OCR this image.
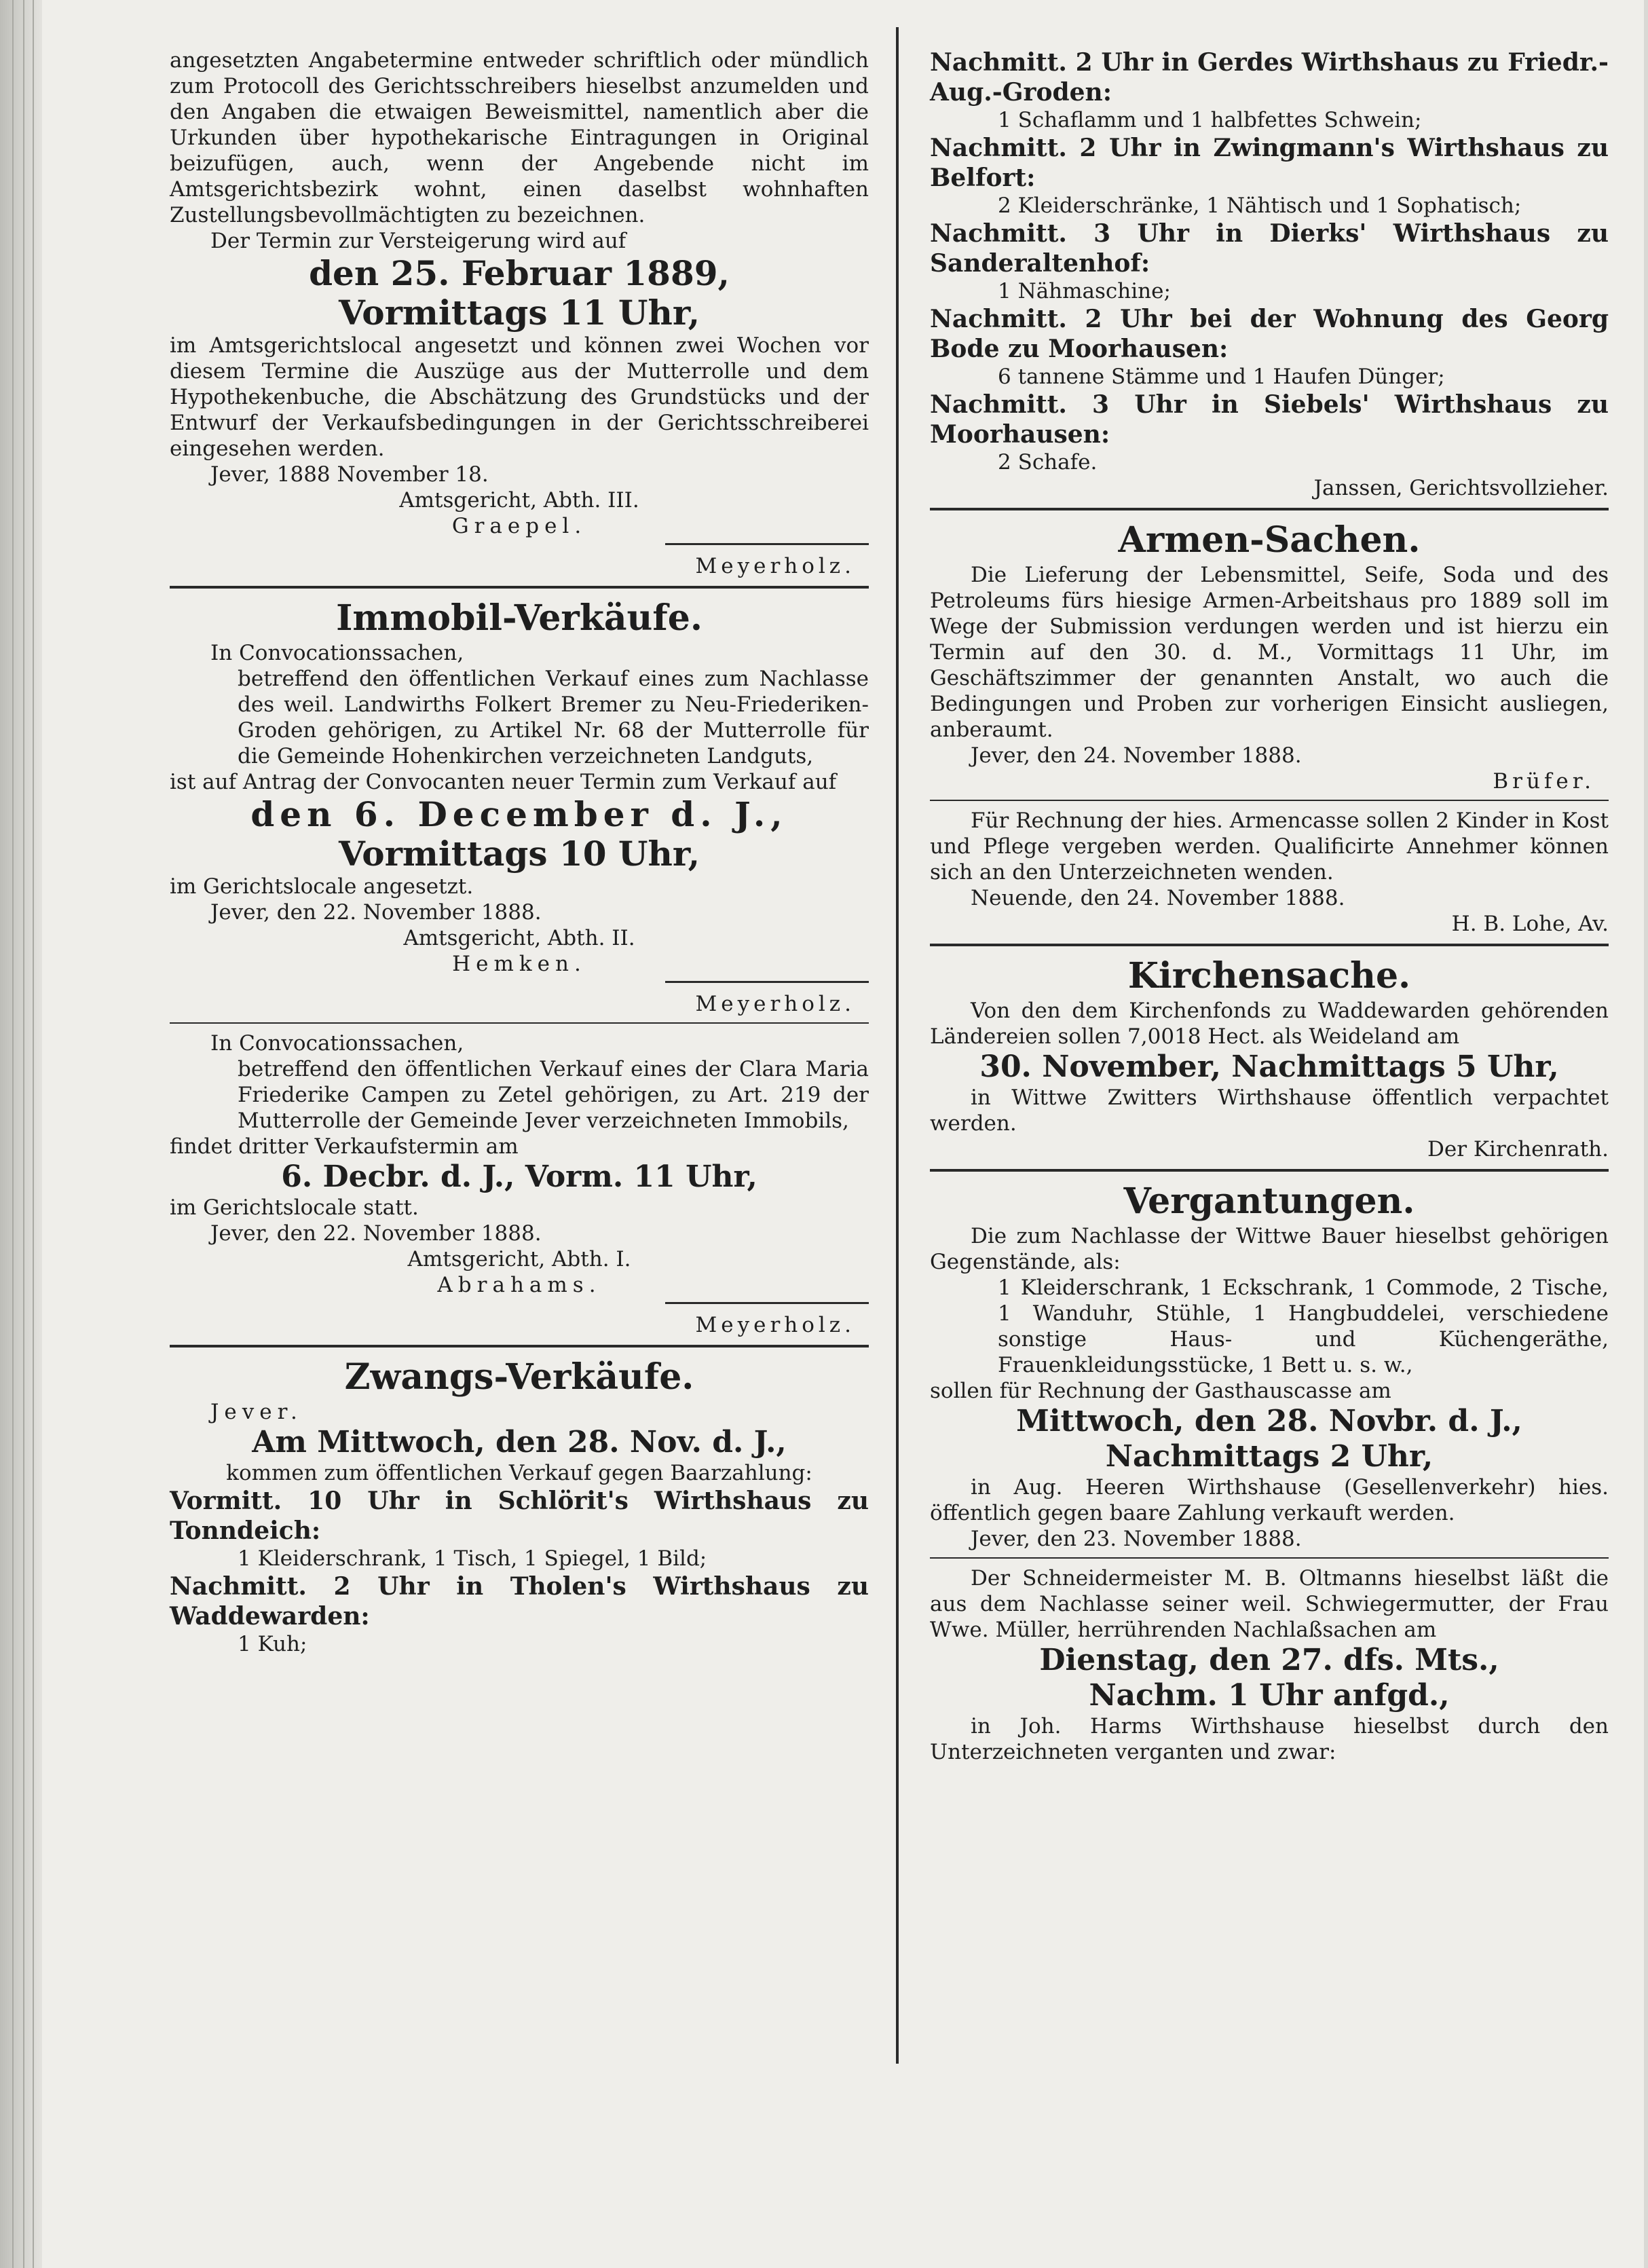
angesetzten Angabetermine entweder schriftlich oder mündlich zum Protocoll des Gerichtsschreibers hieselbst anzumelden und den Angaben die etwaigen Beweismittel, namentlich aber die Urkunden über hypothekarische Eintragungen in Original beizufügen, auch, wenn der Angebende nicht im Amtsgerichtsbezirk wohnt, einen daselbst wohnhaften Zustellungsbevollmächtigten zu bezeichnen.

Der Termin zur Versteigerung wird auf

den 25. Februar 1889,
Vormittags 11 Uhr,

im Amtsgerichtslocal angesetzt und können zwei Wochen vor diesem Termine die Auszüge aus der Mutterrolle und dem Hypothekenbuche, die Abschätzung des Grundstücks und der Entwurf der Verkaufsbedingungen in der Gerichtsschreiberei eingesehen werden.

Jever, 1888 November 18.

Amtsgericht, Abth. III.

Graepel.

Meyerholz.

Immobil-Verkäufe.

In Convocationssachen,

betreffend den öffentlichen Verkauf eines zum Nachlasse des weil. Landwirths Folkert Bremer zu Neu-Friederiken-Groden gehörigen, zu Artikel Nr. 68 der Mutterrolle für die Gemeinde Hohenkirchen verzeichneten Landguts,

ist auf Antrag der Convocanten neuer Termin zum Verkauf auf

den 6. December d. J.,
Vormittags 10 Uhr,

im Gerichtslocale angesetzt.

Jever, den 22. November 1888.

Amtsgericht, Abth. II.

Hemken.

Meyerholz.

In Convocationssachen,

betreffend den öffentlichen Verkauf eines der Clara Maria Friederike Campen zu Zetel gehörigen, zu Art. 219 der Mutterrolle der Gemeinde Jever verzeichneten Immobils,

findet dritter Verkaufstermin am

6. Decbr. d. J., Vorm. 11 Uhr,

im Gerichtslocale statt.

Jever, den 22. November 1888.

Amtsgericht, Abth. I.

Abrahams.

Meyerholz.

Zwangs-Verkäufe.

Jever.

Am Mittwoch, den 28. Nov. d. J.,

kommen zum öffentlichen Verkauf gegen Baarzahlung:

Vormitt. 10 Uhr in Schlörit's Wirthshaus zu Tonndeich:

1 Kleiderschrank, 1 Tisch, 1 Spiegel, 1 Bild;

Nachmitt. 2 Uhr in Tholen's Wirthshaus zu Waddewarden:

1 Kuh;

Nachmitt. 2 Uhr in Gerdes Wirthshaus zu Friedr.-Aug.-Groden:

1 Schaflamm und 1 halbfettes Schwein;

Nachmitt. 2 Uhr in Zwingmann's Wirthshaus zu Belfort:

2 Kleiderschränke, 1 Nähtisch und 1 Sophatisch;

Nachmitt. 3 Uhr in Dierks' Wirthshaus zu Sanderaltenhof:

1 Nähmaschine;

Nachmitt. 2 Uhr bei der Wohnung des Georg Bode zu Moorhausen:

6 tannene Stämme und 1 Haufen Dünger;

Nachmitt. 3 Uhr in Siebels' Wirthshaus zu Moorhausen:

2 Schafe.

Janssen, Gerichtsvollzieher.

Armen-Sachen.

Die Lieferung der Lebensmittel, Seife, Soda und des Petroleums fürs hiesige Armen-Arbeitshaus pro 1889 soll im Wege der Submission verdungen werden und ist hierzu ein Termin auf den 30. d. M., Vormittags 11 Uhr, im Geschäftszimmer der genannten Anstalt, wo auch die Bedingungen und Proben zur vorherigen Einsicht ausliegen, anberaumt.

Jever, den 24. November 1888.

Brüfer.

Für Rechnung der hies. Armencasse sollen 2 Kinder in Kost und Pflege vergeben werden. Qualificirte Annehmer können sich an den Unterzeichneten wenden.

Neuende, den 24. November 1888.

H. B. Lohe, Av.

Kirchensache.

Von den dem Kirchenfonds zu Waddewarden gehörenden Ländereien sollen 7,0018 Hect. als Weideland am

30. November, Nachmittags 5 Uhr,

in Wittwe Zwitters Wirthshause öffentlich verpachtet werden.

Der Kirchenrath.

Vergantungen.

Die zum Nachlasse der Wittwe Bauer hieselbst gehörigen Gegenstände, als:

1 Kleiderschrank, 1 Eckschrank, 1 Commode, 2 Tische, 1 Wanduhr, Stühle, 1 Hangbuddelei, verschiedene sonstige Haus- und Küchengeräthe, Frauenkleidungsstücke, 1 Bett u. s. w.,

sollen für Rechnung der Gasthauscasse am

Mittwoch, den 28. Novbr. d. J.,
Nachmittags 2 Uhr,

in Aug. Heeren Wirthshause (Gesellenverkehr) hies. öffentlich gegen baare Zahlung verkauft werden.

Jever, den 23. November 1888.

Der Schneidermeister M. B. Oltmanns hieselbst läßt die aus dem Nachlasse seiner weil. Schwiegermutter, der Frau Wwe. Müller, herrührenden Nachlaßsachen am

Dienstag, den 27. dfs. Mts.,
Nachm. 1 Uhr anfgd.,

in Joh. Harms Wirthshause hieselbst durch den Unterzeichneten verganten und zwar:
